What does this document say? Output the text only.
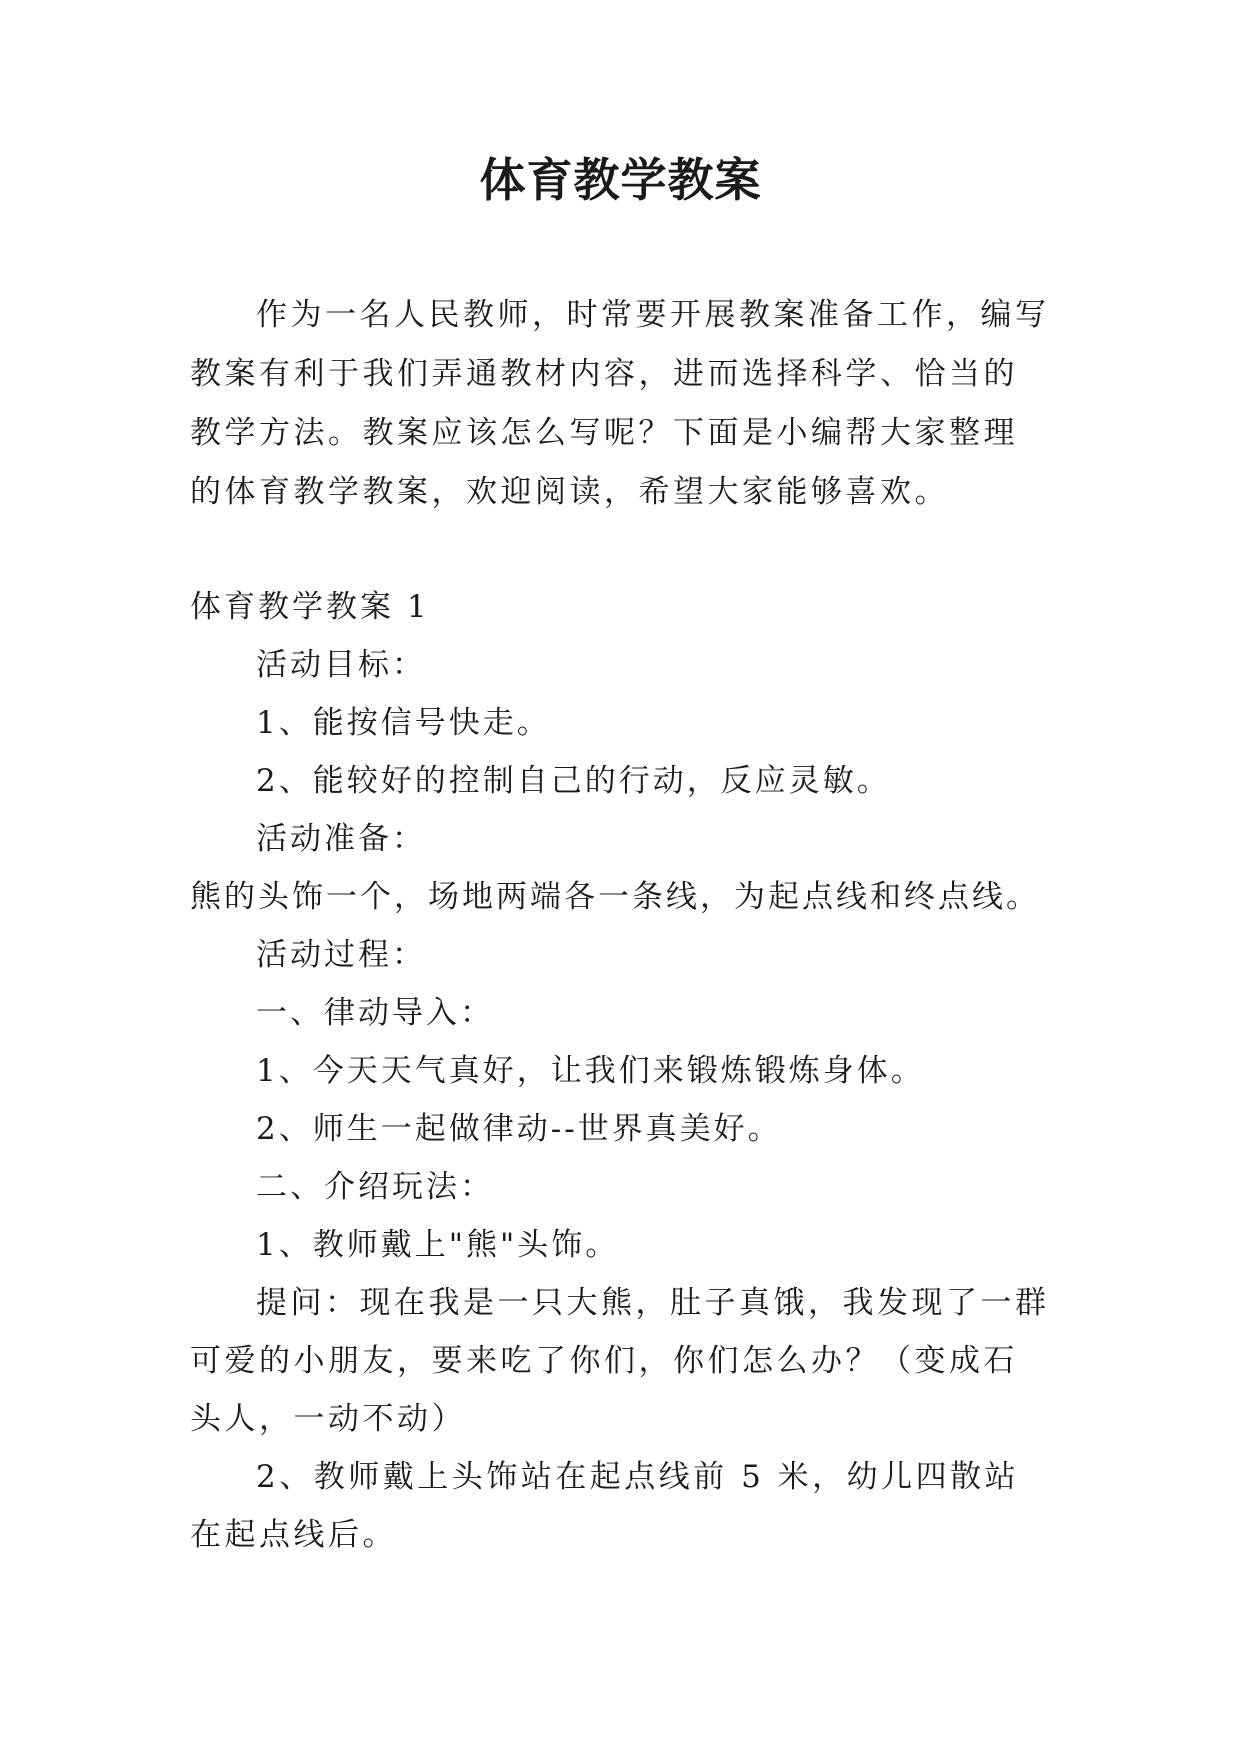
体育教学教案

作为一名人民教师，时常要开展教案准备工作，编写教案有利于我们弄通教材内容，进而选择科学、恰当的教学方法。教案应该怎么写呢？下面是小编帮大家整理的体育教学教案，欢迎阅读，希望大家能够喜欢。

体育教学教案 1

活动目标：

1、能按信号快走。

2、能较好的控制自己的行动，反应灵敏。

活动准备：

熊的头饰一个，场地两端各一条线，为起点线和终点线。

活动过程：

一、律动导入：

1、今天天气真好，让我们来锻炼锻炼身体。

2、师生一起做律动--世界真美好。

二、介绍玩法：

1、教师戴上"熊"头饰。

提问：现在我是一只大熊，肚子真饿，我发现了一群可爱的小朋友，要来吃了你们，你们怎么办？（变成石头人，一动不动）

2、教师戴上头饰站在起点线前 5 米，幼儿四散站在起点线后。
